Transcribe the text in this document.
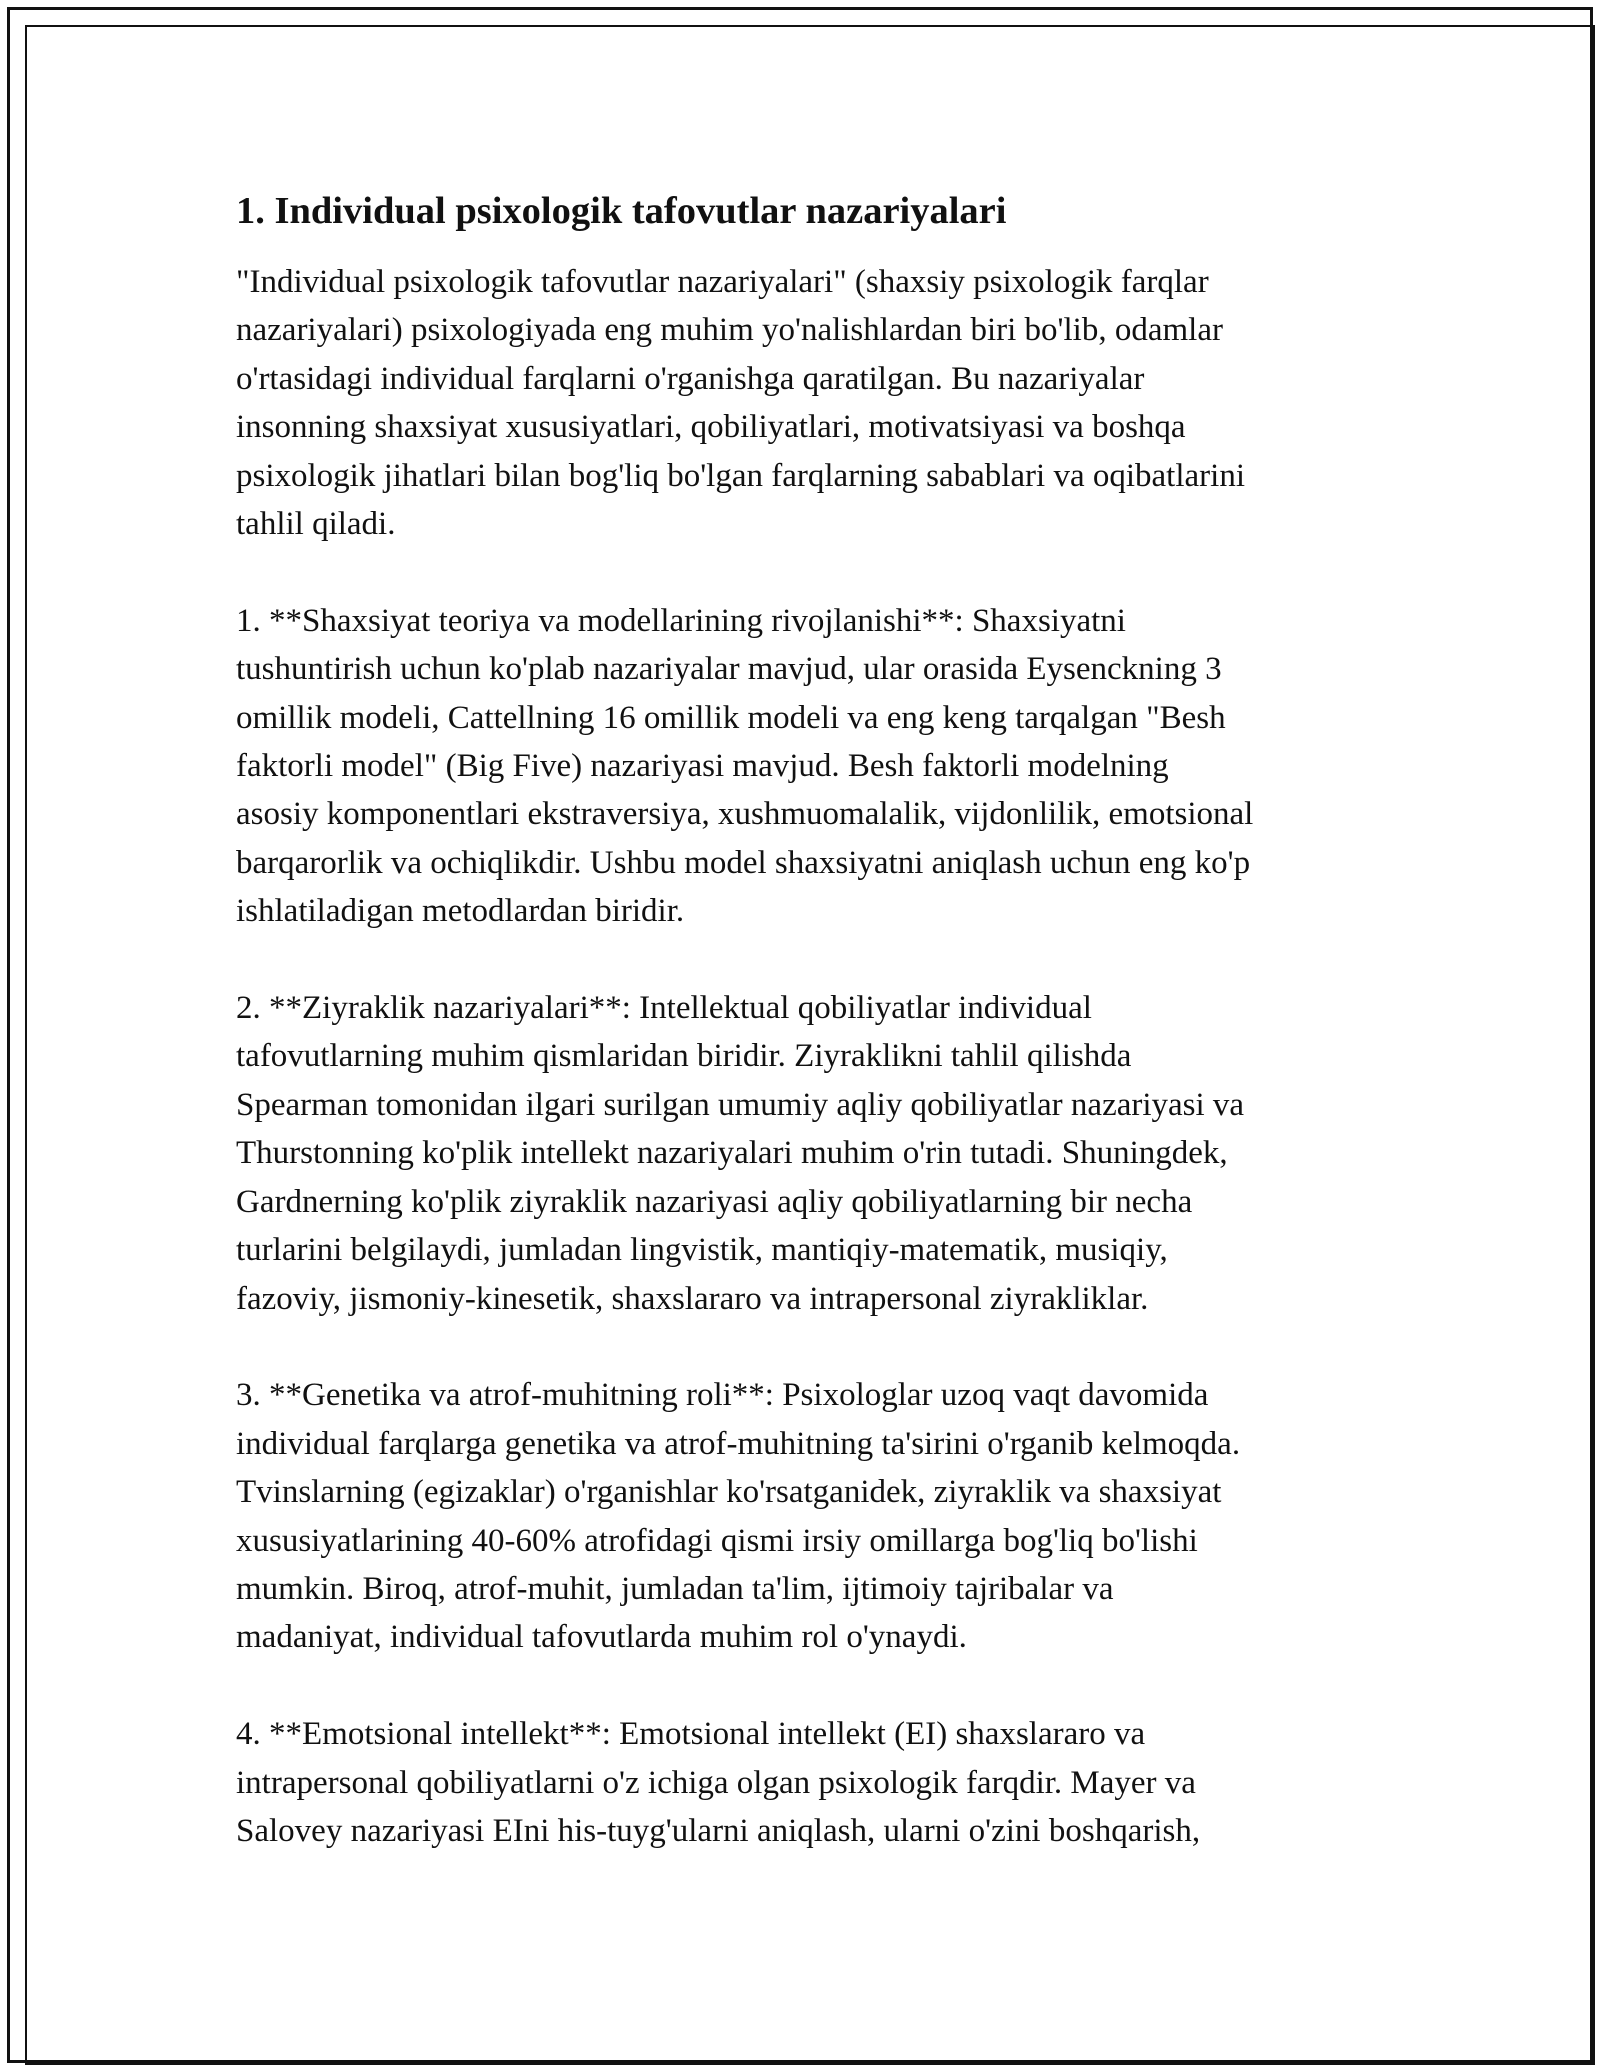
1. Individual psixologik tafovutlar nazariyalari

"Individual psixologik tafovutlar nazariyalari" (shaxsiy psixologik farqlar
nazariyalari) psixologiyada eng muhim yo'nalishlardan biri bo'lib, odamlar
o'rtasidagi individual farqlarni o'rganishga qaratilgan. Bu nazariyalar
insonning shaxsiyat xususiyatlari, qobiliyatlari, motivatsiyasi va boshqa
psixologik jihatlari bilan bog'liq bo'lgan farqlarning sabablari va oqibatlarini
tahlil qiladi.

1. **Shaxsiyat teoriya va modellarining rivojlanishi**: Shaxsiyatni
tushuntirish uchun ko'plab nazariyalar mavjud, ular orasida Eysenckning 3
omillik modeli, Cattellning 16 omillik modeli va eng keng tarqalgan "Besh
faktorli model" (Big Five) nazariyasi mavjud. Besh faktorli modelning
asosiy komponentlari ekstraversiya, xushmuomalalik, vijdonlilik, emotsional
barqarorlik va ochiqlikdir. Ushbu model shaxsiyatni aniqlash uchun eng ko'p
ishlatiladigan metodlardan biridir.

2. **Ziyraklik nazariyalari**: Intellektual qobiliyatlar individual
tafovutlarning muhim qismlaridan biridir. Ziyraklikni tahlil qilishda
Spearman tomonidan ilgari surilgan umumiy aqliy qobiliyatlar nazariyasi va
Thurstonning ko'plik intellekt nazariyalari muhim o'rin tutadi. Shuningdek,
Gardnerning ko'plik ziyraklik nazariyasi aqliy qobiliyatlarning bir necha
turlarini belgilaydi, jumladan lingvistik, mantiqiy-matematik, musiqiy,
fazoviy, jismoniy-kinesetik, shaxslararo va intrapersonal ziyrakliklar.

3. **Genetika va atrof-muhitning roli**: Psixologlar uzoq vaqt davomida
individual farqlarga genetika va atrof-muhitning ta'sirini o'rganib kelmoqda.
Tvinslarning (egizaklar) o'rganishlar ko'rsatganidek, ziyraklik va shaxsiyat
xususiyatlarining 40-60% atrofidagi qismi irsiy omillarga bog'liq bo'lishi
mumkin. Biroq, atrof-muhit, jumladan ta'lim, ijtimoiy tajribalar va
madaniyat, individual tafovutlarda muhim rol o'ynaydi.

4. **Emotsional intellekt**: Emotsional intellekt (EI) shaxslararo va
intrapersonal qobiliyatlarni o'z ichiga olgan psixologik farqdir. Mayer va
Salovey nazariyasi EIni his-tuyg'ularni aniqlash, ularni o'zini boshqarish,
